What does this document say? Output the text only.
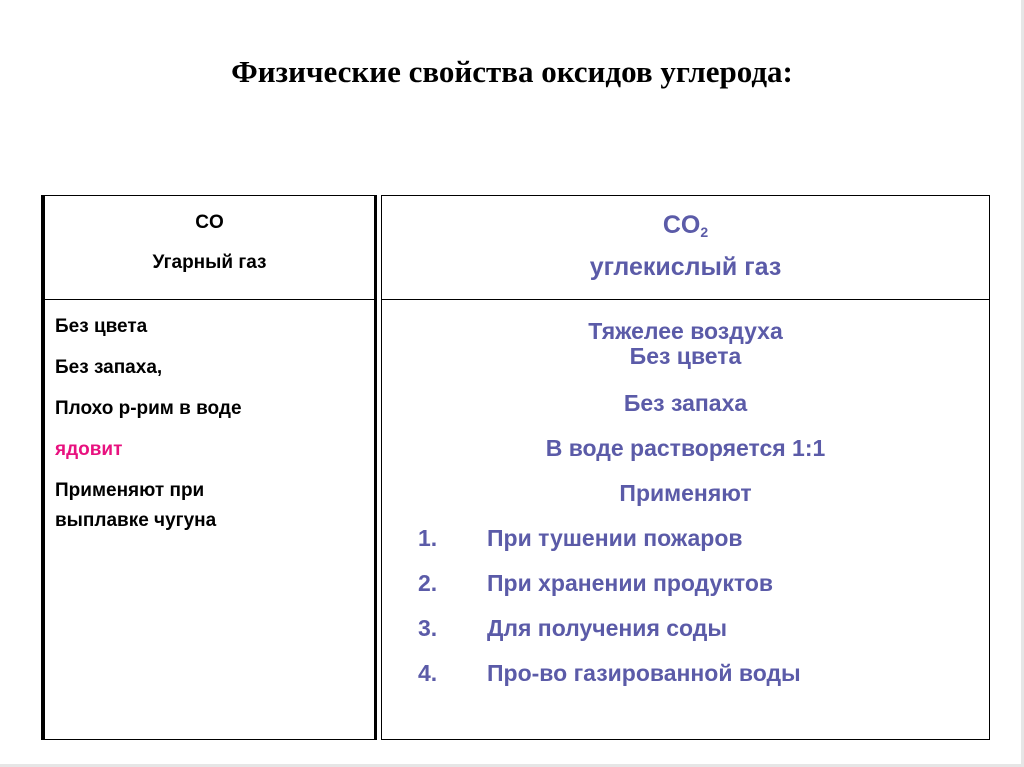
Физические свойства оксидов углерода:
CO
Угарный газ
Без цвета
Без запаха,
Плохо р-рим в воде
ядовит
Применяют при
выплавке чугуна
CO2
углекислый газ
Тяжелее воздуха
Без цвета
Без запаха
В воде растворяется 1:1
Применяют
1. При тушении пожаров
2. При хранении продуктов
3. Для получения соды
4. Про-во газированной воды
